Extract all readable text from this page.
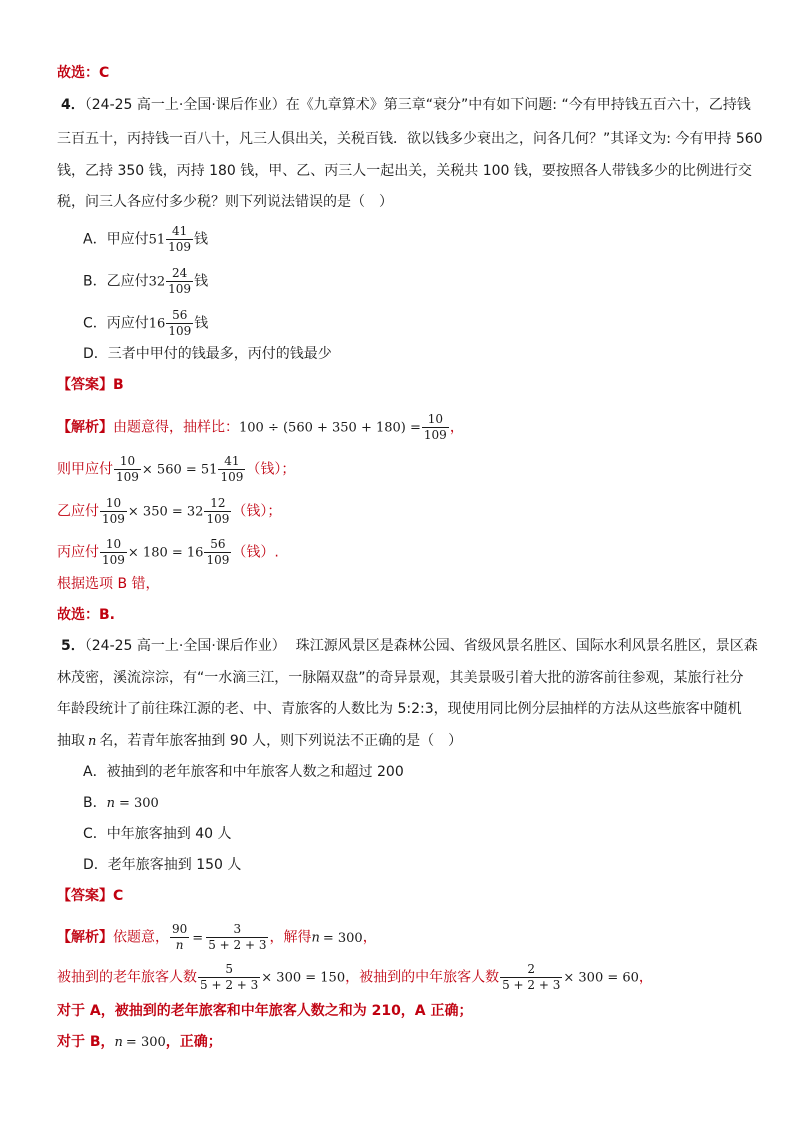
故选：C
4．（24-25 高一上·全国·课后作业）在《九章算术》第三章“衰分”中有如下问题: “今有甲持钱五百六十，乙持钱
三百五十，丙持钱一百八十，凡三人俱出关，关税百钱．欲以钱多少衰出之，问各几何？”其译文为: 今有甲持 560
钱，乙持 350 钱，丙持 180 钱，甲、乙、丙三人一起出关，关税共 100 钱，要按照各人带钱多少的比例进行交
税，问三人各应付多少税？则下列说法错误的是（　）
A．甲应付$51 \frac{41}{109}$ 钱
B．乙应付$32 \frac{24}{109}$ 钱
C．丙应付$16 \frac{56}{109}$ 钱
D．三者中甲付的钱最多，丙付的钱最少
【答案】B
【解析】由题意得，抽样比：$100 \div (560 + 350 + 180) = \frac{10}{109}$ ，
则甲应付 $\frac{10}{109} \times 560 = 51 \frac{41}{109}$ （钱）；
乙应付 $\frac{10}{109} \times 350 = 32 \frac{12}{109}$ （钱）；
丙应付 $\frac{10}{109} \times 180 = 16 \frac{56}{109}$ （钱）.
根据选项 B 错，
故选：B.
5．（24-25 高一上·全国·课后作业） 珠江源风景区是森林公园、省级风景名胜区、国际水利风景名胜区，景区森
林茂密，溪流淙淙，有“一水滴三江，一脉隔双盘”的奇异景观，其美景吸引着大批的游客前往参观，某旅行社分
年龄段统计了前往珠江源的老、中、青旅客的人数比为 5:2:3，现使用同比例分层抽样的方法从这些旅客中随机
抽取 n 名，若青年旅客抽到 90 人，则下列说法不正确的是（　）
A．被抽到的老年旅客和中年旅客人数之和超过 200
B．n = 300
C．中年旅客抽到 40 人
D．老年旅客抽到 150 人
【答案】C
【解析】依题意， $\frac{90}{n} = \frac{3}{5 + 2 + 3}$ ，解得n = 300，
被抽到的老年旅客人数 $\frac{5}{5 + 2 + 3} \times 300 = 150$，被抽到的中年旅客人数 $\frac{2}{5 + 2 + 3} \times 300 = 60$，
对于 A，被抽到的老年旅客和中年旅客人数之和为 210，A 正确；
对于 B，n = 300，正确；
